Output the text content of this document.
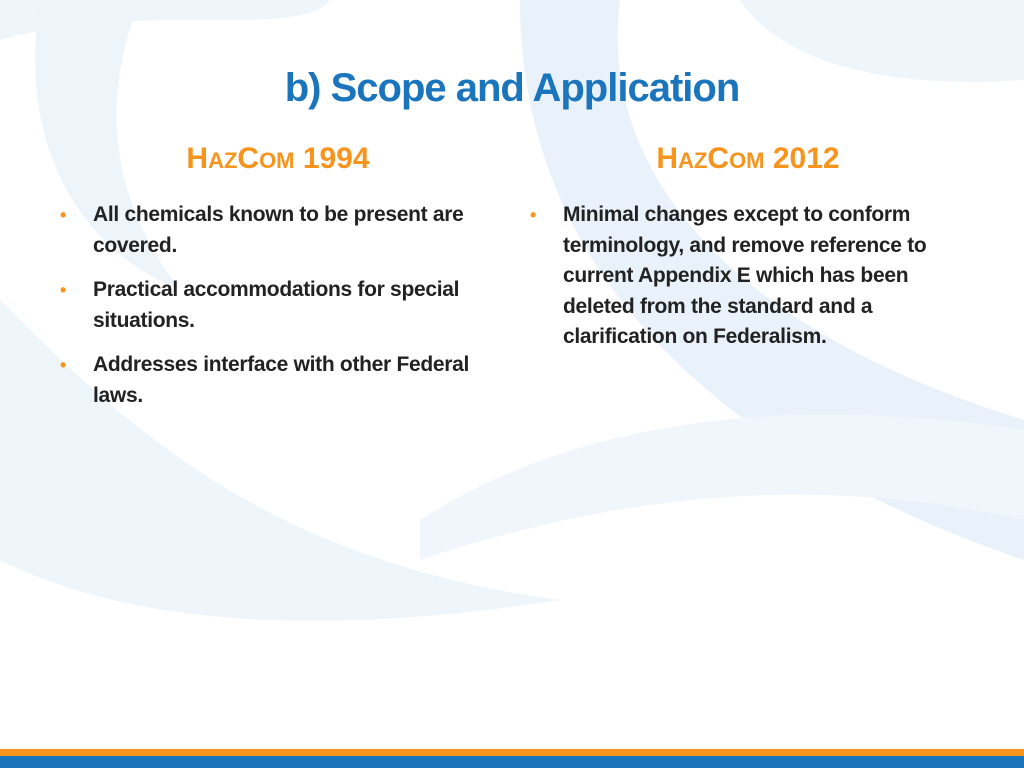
b) Scope and Application
HAZCOM 1994	HAZCOM 2012
• All chemicals known to be present are covered.
• Practical accommodations for special situations.
• Addresses interface with other Federal laws.
• Minimal changes except to conform terminology, and remove reference to current Appendix E which has been deleted from the standard and a clarification on Federalism.
